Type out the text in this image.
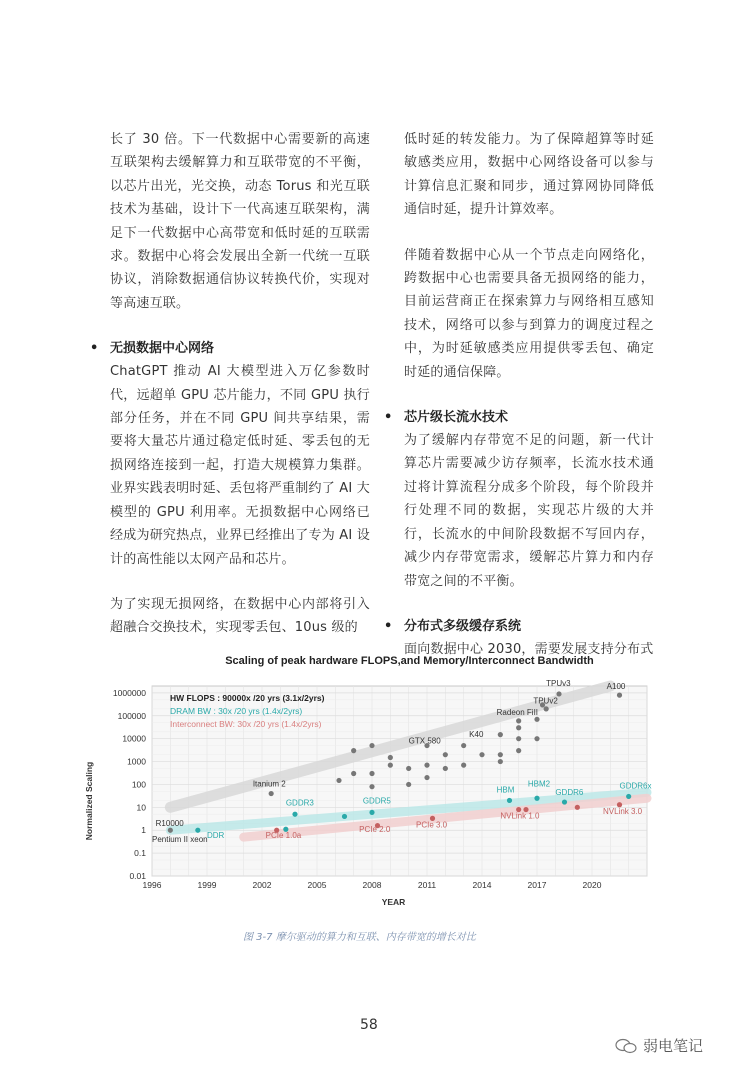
长了 30 倍。下一代数据中心需要新的高速互联架构去缓解算力和互联带宽的不平衡，以芯片出光，光交换，动态 Torus 和光互联技术为基础，设计下一代高速互联架构，满足下一代数据中心高带宽和低时延的互联需求。数据中心将会发展出全新一代统一互联协议，消除数据通信协议转换代价，实现对等高速互联。

• 无损数据中心网络

ChatGPT 推动 AI 大模型进入万亿参数时代，远超单 GPU 芯片能力，不同 GPU 执行部分任务，并在不同 GPU 间共享结果，需要将大量芯片通过稳定低时延、零丢包的无损网络连接到一起，打造大规模算力集群。业界实践表明时延、丢包将严重制约了 AI 大模型的 GPU 利用率。无损数据中心网络已经成为研究热点，业界已经推出了专为 AI 设计的高性能以太网产品和芯片。

为了实现无损网络，在数据中心内部将引入超融合交换技术，实现零丢包、10us 级的

低时延的转发能力。为了保障超算等时延敏感类应用，数据中心网络设备可以参与计算信息汇聚和同步，通过算网协同降低通信时延，提升计算效率。

伴随着数据中心从一个节点走向网络化，跨数据中心也需要具备无损网络的能力，目前运营商正在探索算力与网络相互感知技术，网络可以参与到算力的调度过程之中，为时延敏感类应用提供零丢包、确定时延的通信保障。

• 芯片级长流水技术

为了缓解内存带宽不足的问题，新一代计算芯片需要减少访存频率，长流水技术通过将计算流程分成多个阶段，每个阶段并行处理不同的数据，实现芯片级的大并行，长流水的中间阶段数据不写回内存，减少内存带宽需求，缓解芯片算力和内存带宽之间的不平衡。

• 分布式多级缓存系统

面向数据中心 2030，需要发展支持分布式

Scaling of peak hardware FLOPS,and Memory/Interconnect Bandwidth
0.01
0.1
1
10
100
1000
10000
100000
1000000
1996	1999	2002	2005	2008	2011	2014	2017	2020
YEAR
Normalized Scaling	R10000
Pentium II xeon
Itanium 2
GTX 580
K40
Radeon FiII
TPUv2
TPUv3	A100
DDR
GDDR3	GDDR5
HBM
HBM2
GDDR6
GDDR6x
PCIe 1.0a
PCIe 2.0	PCIe 3.0
NVLink 1.0	NVLink 3.0
HW FLOPS : 90000x /20 yrs (3.1x/2yrs)
DRAM BW : 30x /20 yrs (1.4x/2yrs)
Interconnect BW: 30x /20 yrs (1.4x/2yrs)
图 3-7 摩尔驱动的算力和互联、内存带宽的增长对比
58
弱电笔记
